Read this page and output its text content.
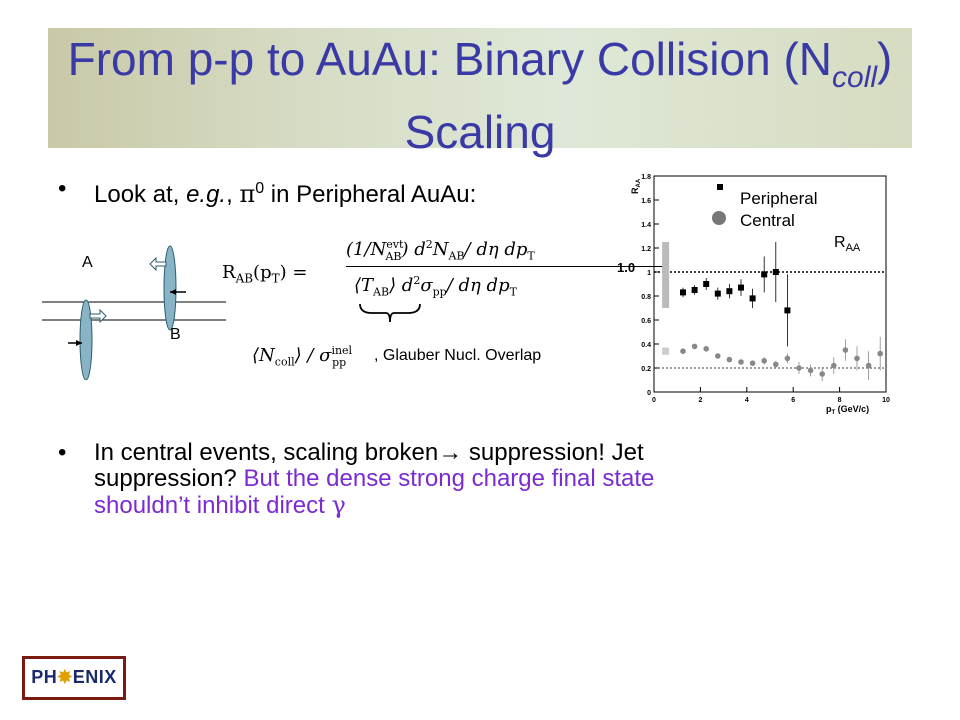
From p-p to AuAu: Binary Collision $(N_{coll})$ Scaling
• Look at, e.g., $\pi^0$ in Peripheral AuAu:
A
B
$R_{AB}(p_T)$ =
$(1/N^{evt}_{AB})$ $d^2N_{AB}/$ dη $dp_T$
$⟨T_{AB}⟩$ $d^2\sigma_{pp}/$ dη $dp_T$
$⟨N_{coll}⟩ / \sigma^{inel}_{pp}$ , Glauber Nucl. Overlap
1.0
$R_{AA}$
$R_{AA}$
0
0.2
0.4
0.6
0.8
1
1.2
1.4
1.6
1.8
0	2	4	6	8	10
$p_T$ (GeV/c)
Peripheral
Central
• In central events, scaling broken→ suppression! Jet
suppression? But the dense strong charge final state
shouldn’t inhibit direct γ
PH✸ENIX
